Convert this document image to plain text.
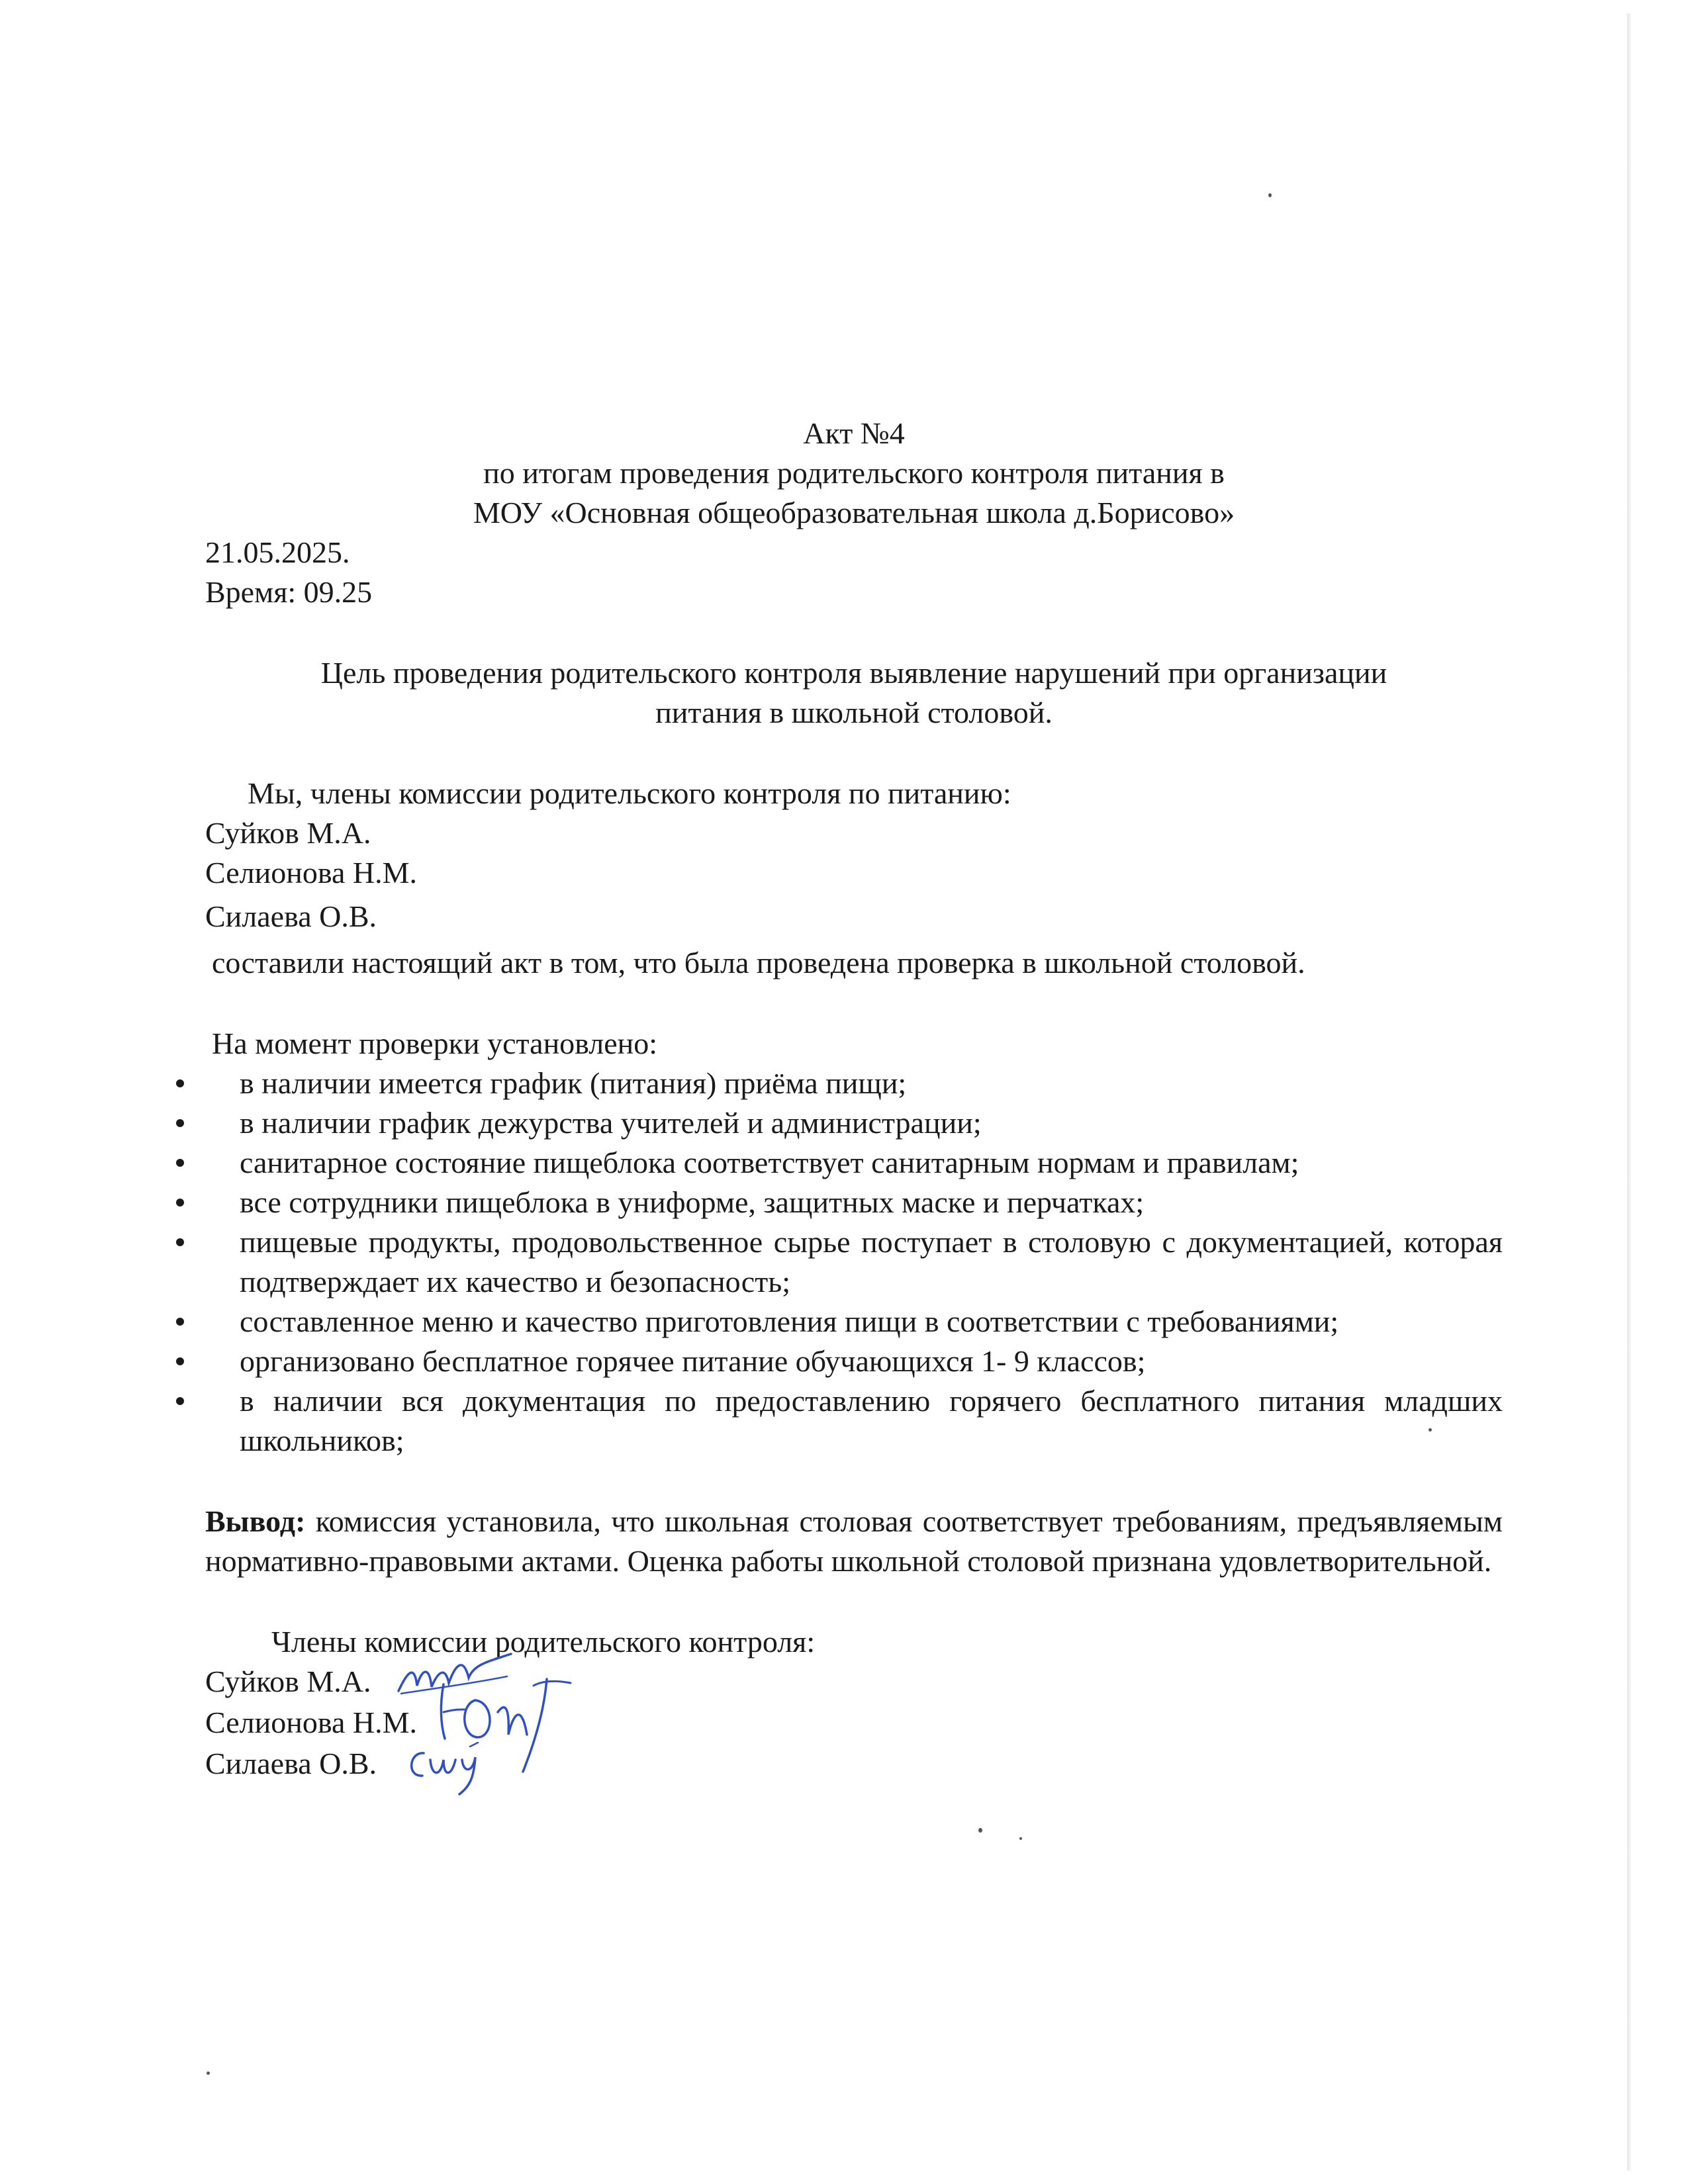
Акт №4
по итогам проведения родительского контроля питания в
МОУ «Основная общеобразовательная школа д.Борисово»
21.05.2025.
Время: 09.25
Цель проведения родительского контроля выявление нарушений при организации
питания в школьной столовой.
Мы, члены комиссии родительского контроля по питанию:
Суйков М.А.
Селионова Н.М.
Силаева О.В.
составили настоящий акт в том, что была проведена проверка в школьной столовой.
На момент проверки установлено:
в наличии имеется график (питания) приёма пищи;
в наличии график дежурства учителей и администрации;
санитарное состояние пищеблока соответствует санитарным нормам и правилам;
все сотрудники пищеблока в униформе, защитных маске и перчатках;
пищевые продукты, продовольственное сырье поступает в столовую с документацией, которая подтверждает их качество и безопасность;
составленное меню и качество приготовления пищи в соответствии с требованиями;
организовано бесплатное горячее питание обучающихся 1- 9 классов;
в наличии вся документация по предоставлению горячего бесплатного питания младших школьников;
Вывод: комиссия установила, что школьная столовая соответствует требованиям, предъявляемым нормативно-правовыми актами. Оценка работы школьной столовой признана удовлетворительной.
Члены комиссии родительского контроля:
Суйков М.А.
Селионова Н.М.
Силаева О.В.
